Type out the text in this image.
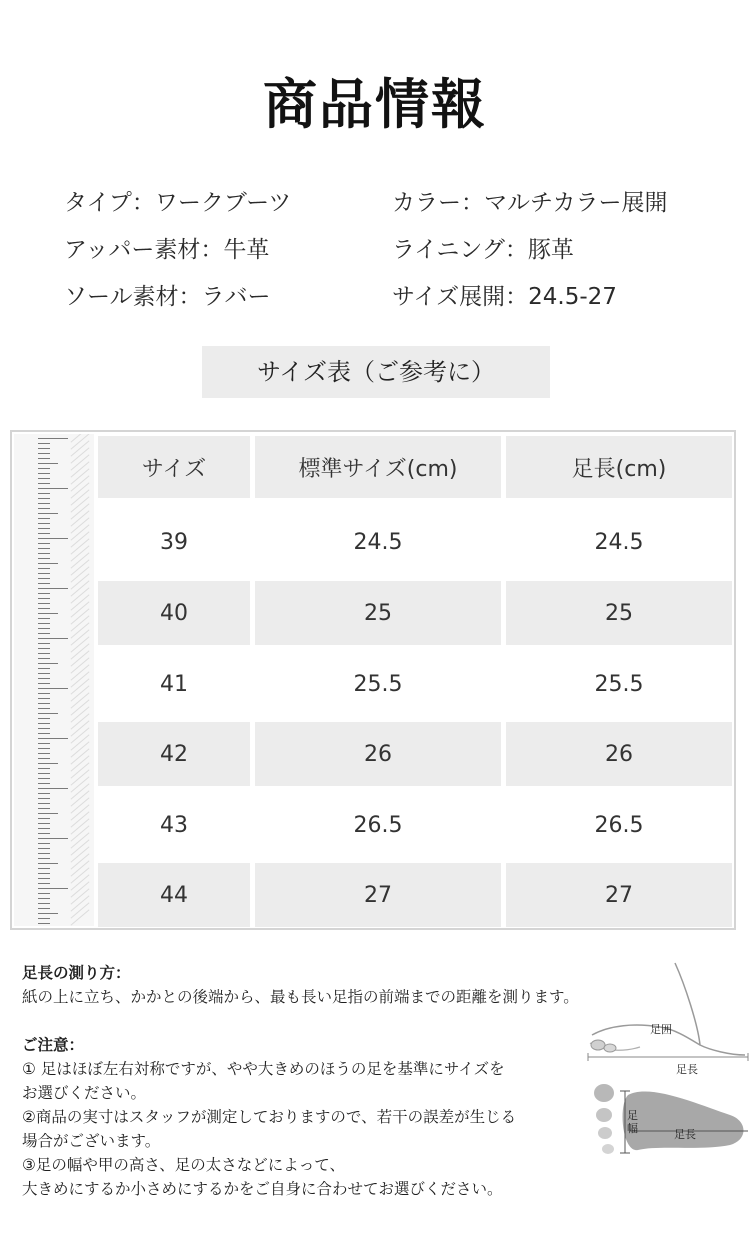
商品情報
タイプ：ワークブーツ	カラー：マルチカラー展開
アッパー素材：牛革	ライニング：豚革
ソール素材：ラバー	サイズ展開：24.5-27
サイズ表（ご参考に）
サイズ	標準サイズ(cm)	足長(cm)
39	24.5	24.5
40	25	25
41	25.5	25.5
42	26	26
43	26.5	26.5
44	27	27
足長の測り方：
紙の上に立ち、かかとの後端から、最も長い足指の前端までの距離を測ります。
ご注意：
① 足はほぼ左右対称ですが、やや大きめのほうの足を基準にサイズを
お選びください。
②商品の実寸はスタッフが測定しておりますので、若干の誤差が生じる
場合がございます。
③足の幅や甲の高さ、足の太さなどによって、
大きめにするか小さめにするかをご自身に合わせてお選びください。
足囲
足長
足
幅	足長
